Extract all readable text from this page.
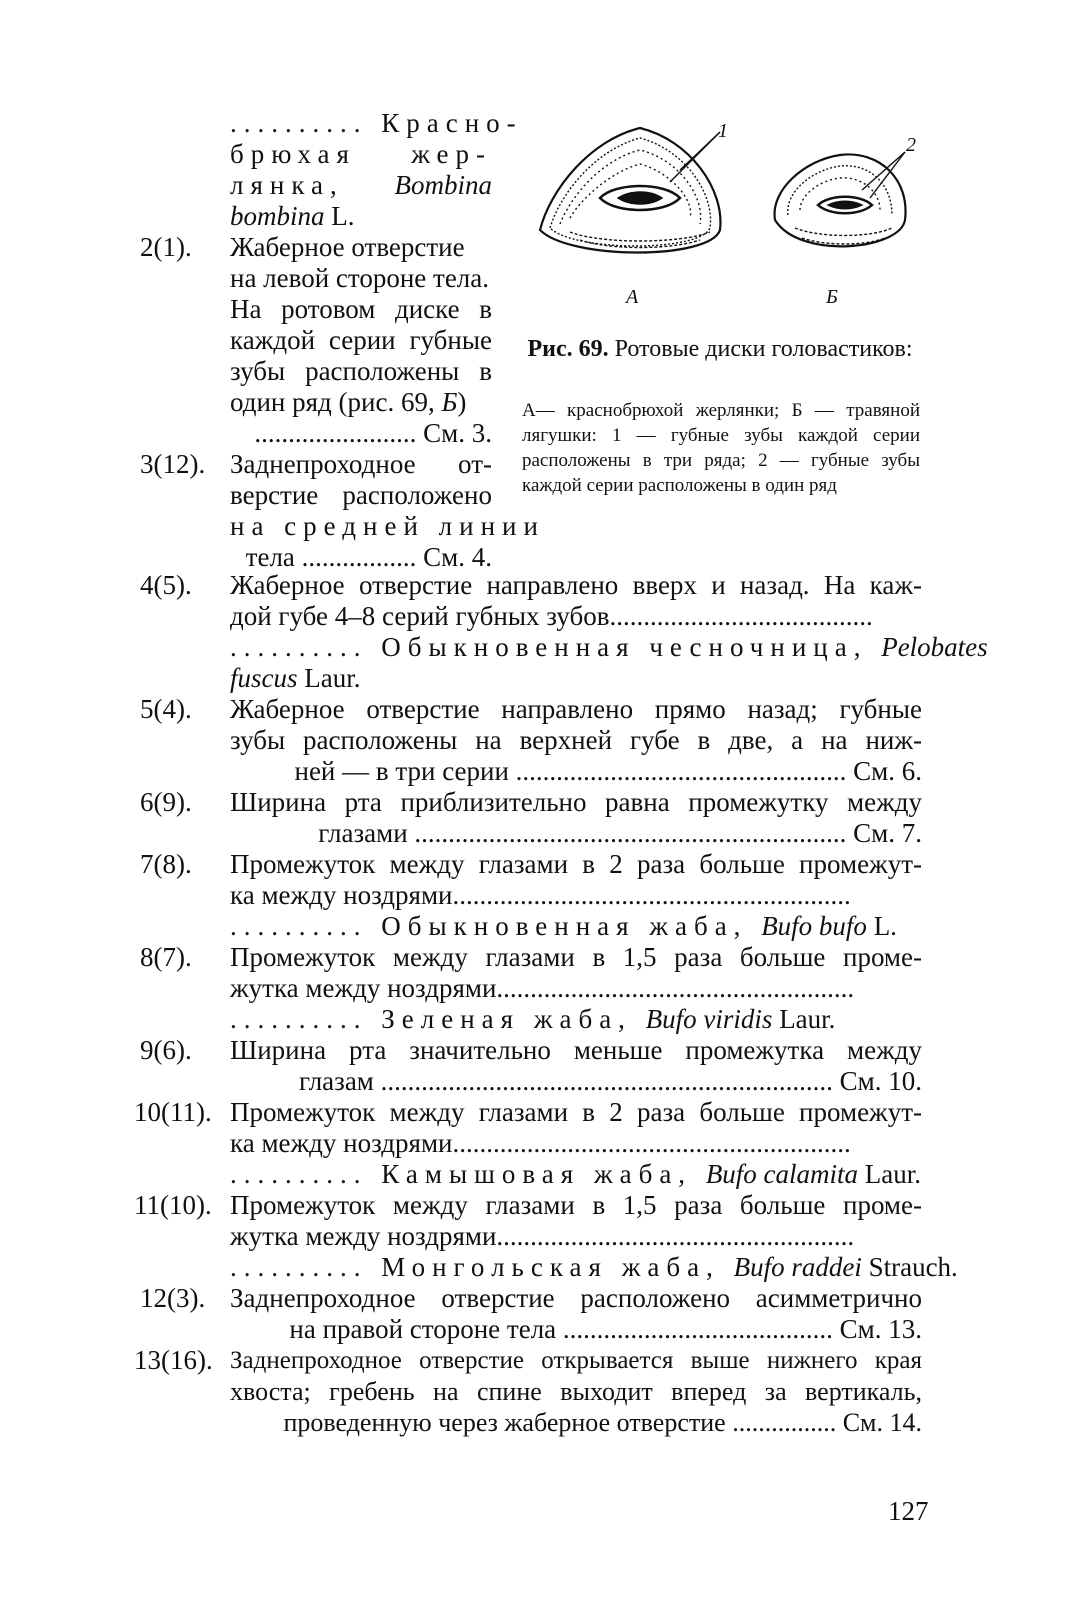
.......... Красно-
брюхая жер-
лянка, Bombina
bombina L.
2(1). Жаберное отверстие
на левой стороне тела.
На ротовом диске в
каждой серии губные
зубы расположены в
один ряд (рис. 69, Б)
........................ См. 3.
3(12). Заднепроходное от-
верстие расположено
на средней линии
тела ................. См. 4.
1
2
А	Б
Рис. 69. Ротовые диски головастиков:
А— краснобрюхой жерлянки; Б — травяной лягушки: 1 — губные зубы каждой серии расположены в три ряда; 2 — губные зубы каждой серии расположены в один ряд
4(5). Жаберное отверстие направлено вверх и назад. На каж-
дой губе 4–8 серий губных зубов.......................................
.......... Обыкновенная чесночница, Pelobates
fuscus Laur.
5(4). Жаберное отверстие направлено прямо назад; губные
зубы расположены на верхней губе в две, а на ниж-
ней — в три серии ................................................. См. 6.
6(9). Ширина рта приблизительно равна промежутку между
глазами ................................................................ См. 7.
7(8). Промежуток между глазами в 2 раза больше промежут-
ка между ноздрями...........................................................
.......... Обыкновенная жаба, Bufo bufo L.
8(7). Промежуток между глазами в 1,5 раза больше проме-
жутка между ноздрями.....................................................
.......... Зеленая жаба, Bufo viridis Laur.
9(6). Ширина рта значительно меньше промежутка между
глазам ................................................................... См. 10.
10(11). Промежуток между глазами в 2 раза больше промежут-
ка между ноздрями...........................................................
.......... Камышовая жаба, Bufo calamita Laur.
11(10). Промежуток между глазами в 1,5 раза больше проме-
жутка между ноздрями.....................................................
.......... Монгольская жаба, Bufo raddei Strauch.
12(3). Заднепроходное отверстие расположено асимметрично
на правой стороне тела ........................................ См. 13.
13(16). Заднепроходное отверстие открывается выше нижнего края
хвоста; гребень на спине выходит вперед за вертикаль,
проведенную через жаберное отверстие ................ См. 14.
127
